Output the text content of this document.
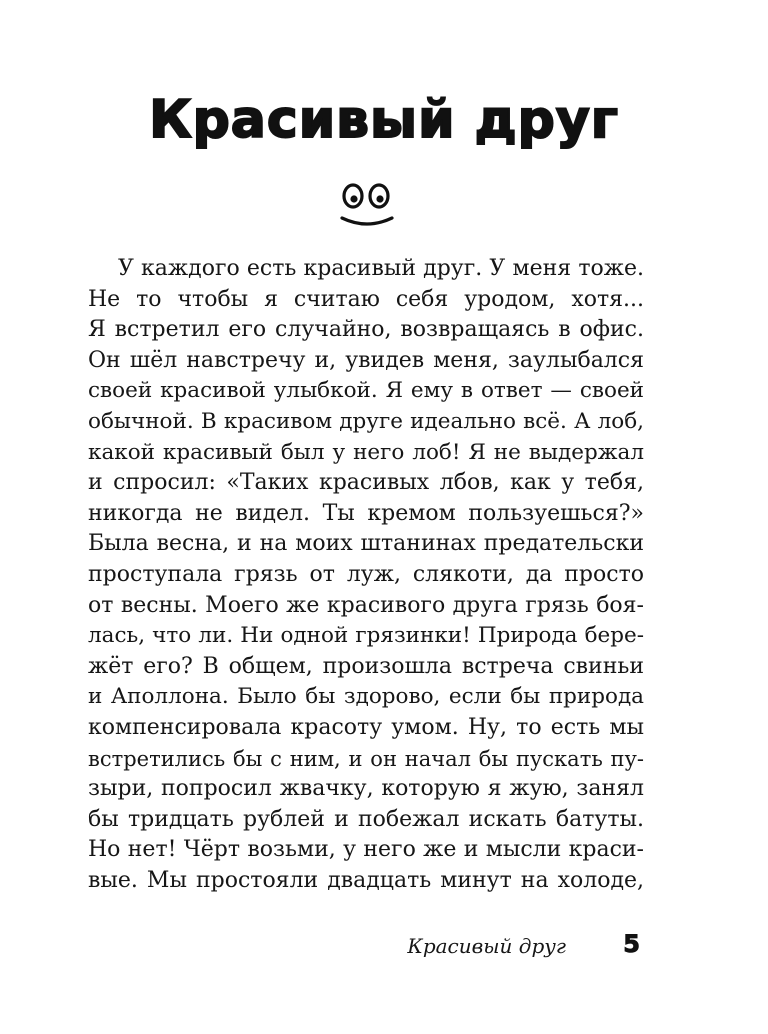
Красивый друг
У каждого есть красивый друг. У меня тоже.
Не то чтобы я считаю себя уродом, хотя...
Я встретил его случайно, возвращаясь в офис.
Он шёл навстречу и, увидев меня, заулыбался
своей красивой улыбкой. Я ему в ответ — своей
обычной. В красивом друге идеально всё. А лоб,
какой красивый был у него лоб! Я не выдержал
и спросил: «Таких красивых лбов, как у тебя,
никогда не видел. Ты кремом пользуешься?»
Была весна, и на моих штанинах предательски
проступала грязь от луж, слякоти, да просто
от весны. Моего же красивого друга грязь боя-
лась, что ли. Ни одной грязинки! Природа бере-
жёт его? В общем, произошла встреча свиньи
и Аполлона. Было бы здорово, если бы природа
компенсировала красоту умом. Ну, то есть мы
встретились бы с ним, и он начал бы пускать пу-
зыри, попросил жвачку, которую я жую, занял
бы тридцать рублей и побежал искать батуты.
Но нет! Чёрт возьми, у него же и мысли краси-
вые. Мы простояли двадцать минут на холоде,
Красивый друг	5
